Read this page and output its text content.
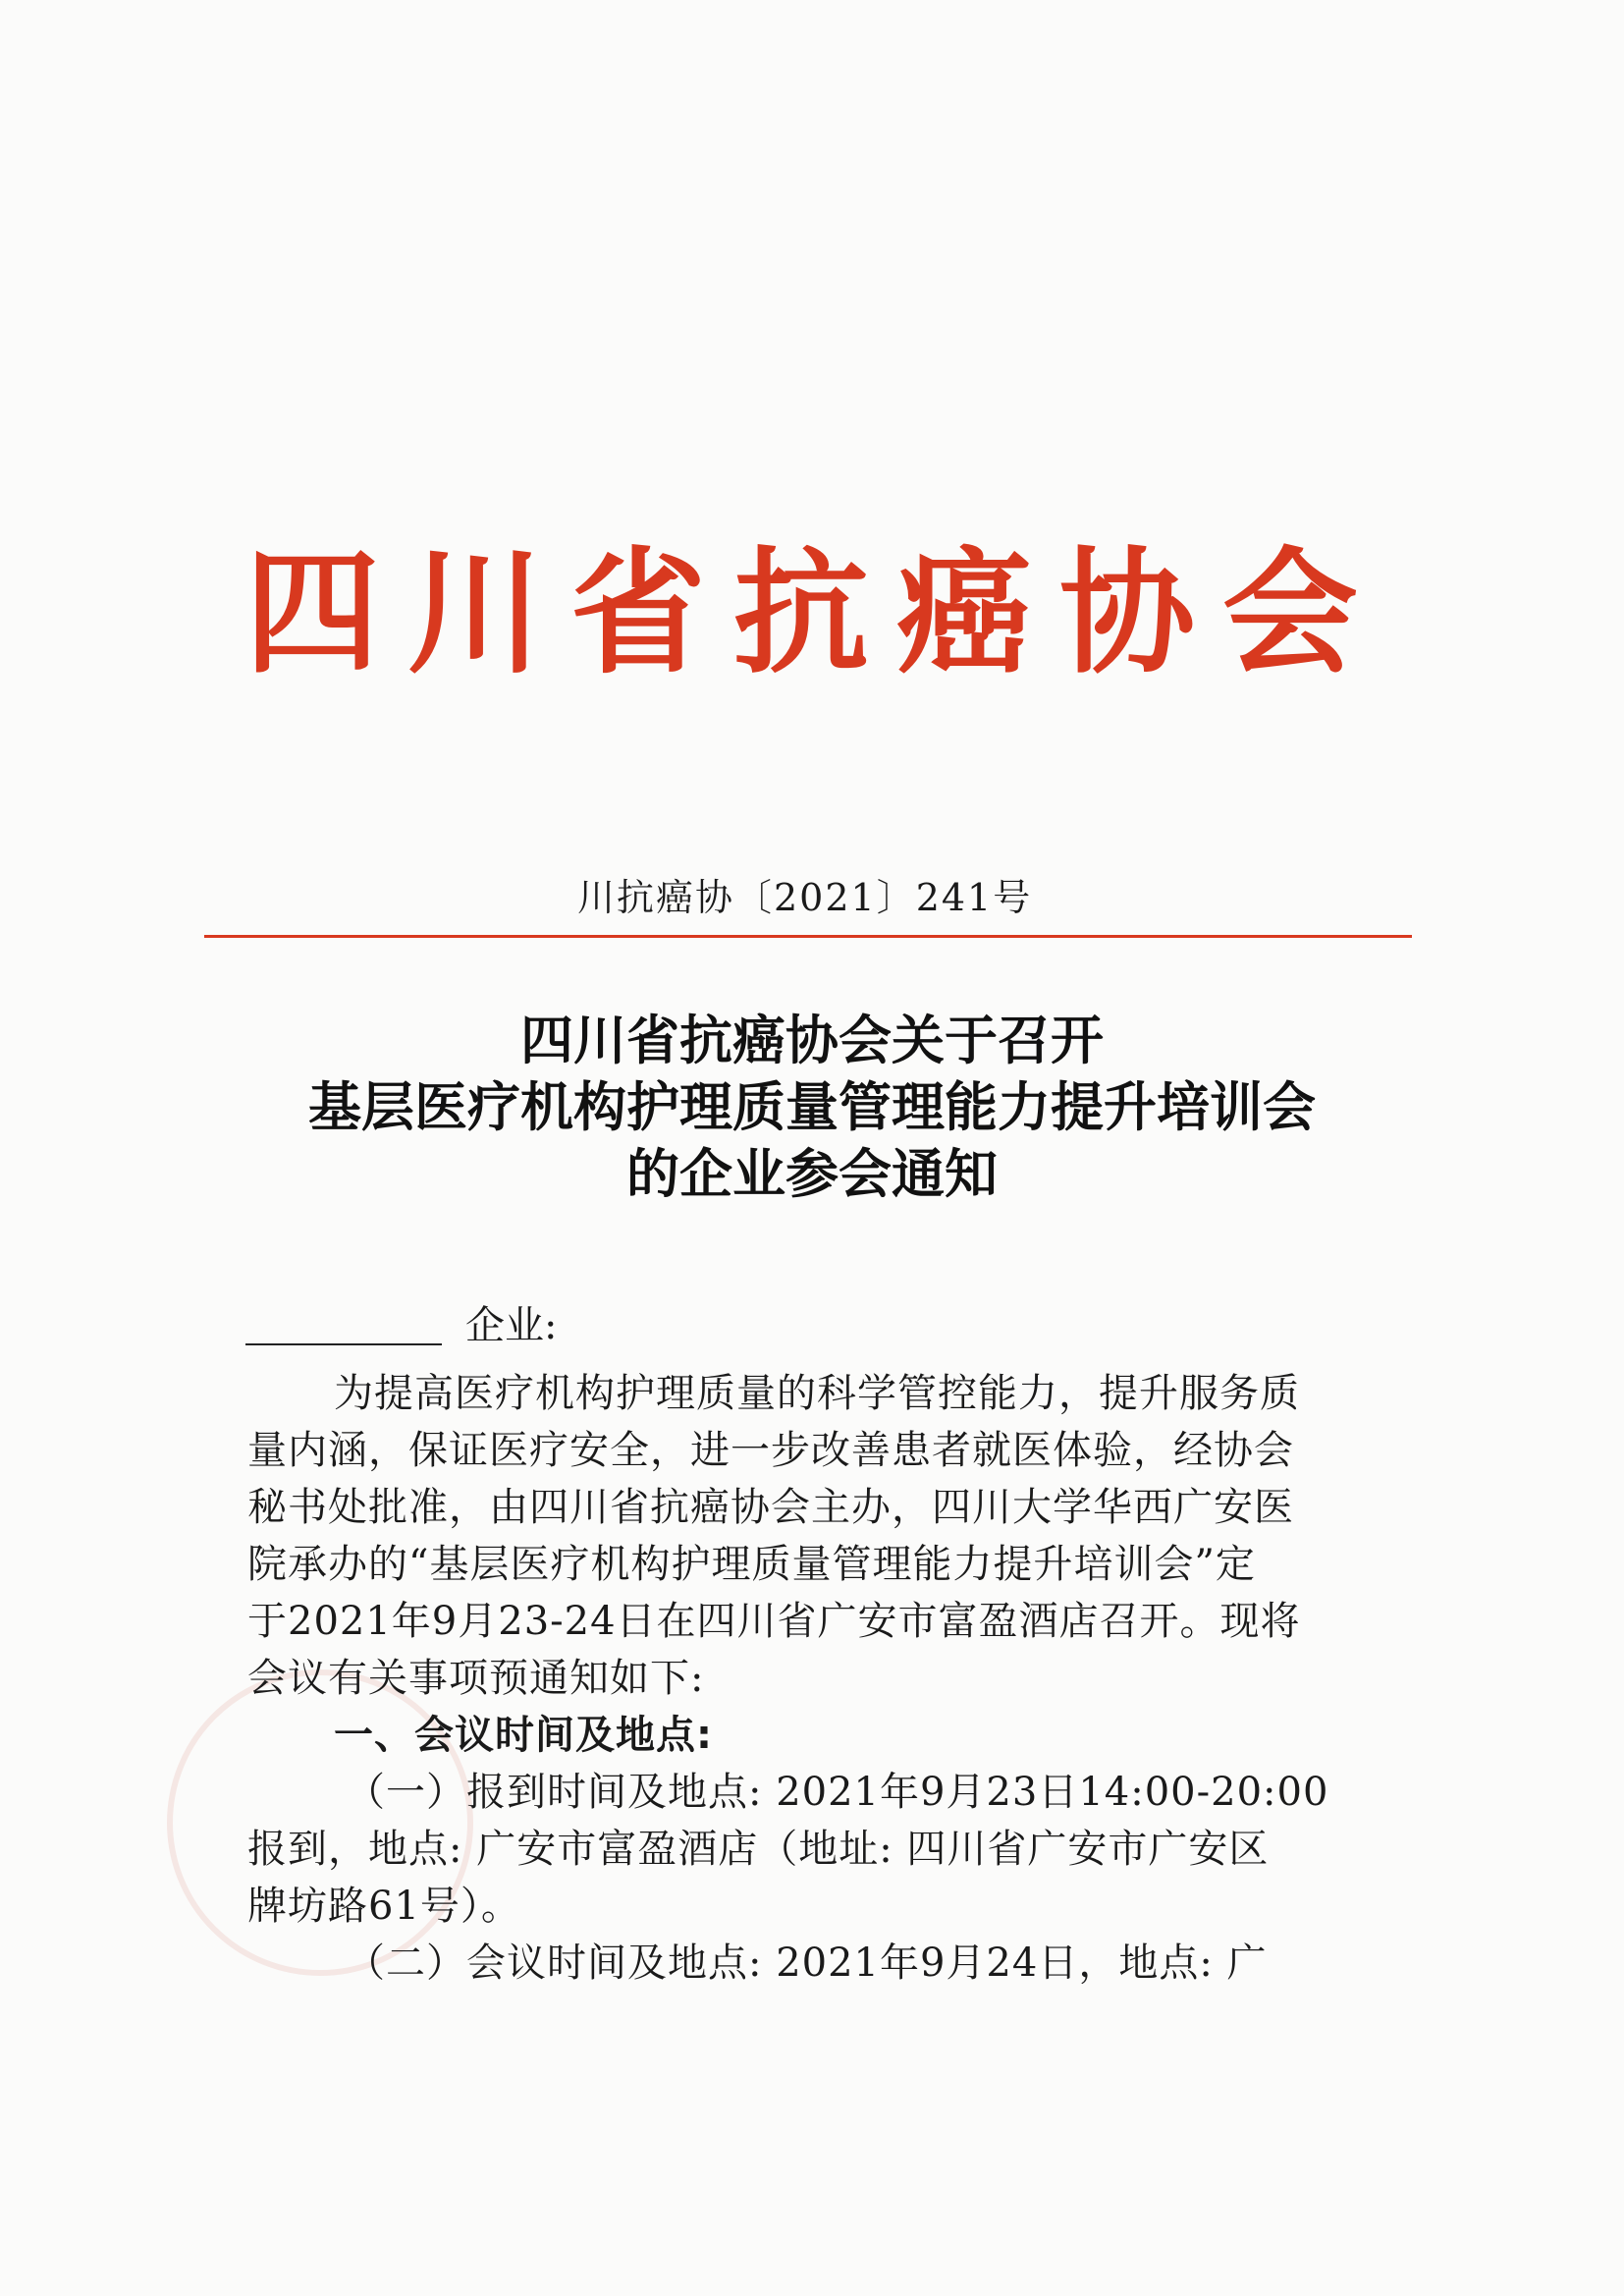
四川省抗癌协会
川抗癌协〔2021〕241号
四川省抗癌协会关于召开
基层医疗机构护理质量管理能力提升培训会
的企业参会通知
企业:
为提高医疗机构护理质量的科学管控能力，提升服务质
量内涵，保证医疗安全，进一步改善患者就医体验，经协会
秘书处批准，由四川省抗癌协会主办，四川大学华西广安医
院承办的“基层医疗机构护理质量管理能力提升培训会”定
于2021年9月23-24日在四川省广安市富盈酒店召开。现将
会议有关事项预通知如下:
一、会议时间及地点:
（一）报到时间及地点: 2021年9月23日14:00-20:00
报到，地点: 广安市富盈酒店（地址: 四川省广安市广安区
牌坊路61号）。
（二）会议时间及地点: 2021年9月24日，地点: 广
